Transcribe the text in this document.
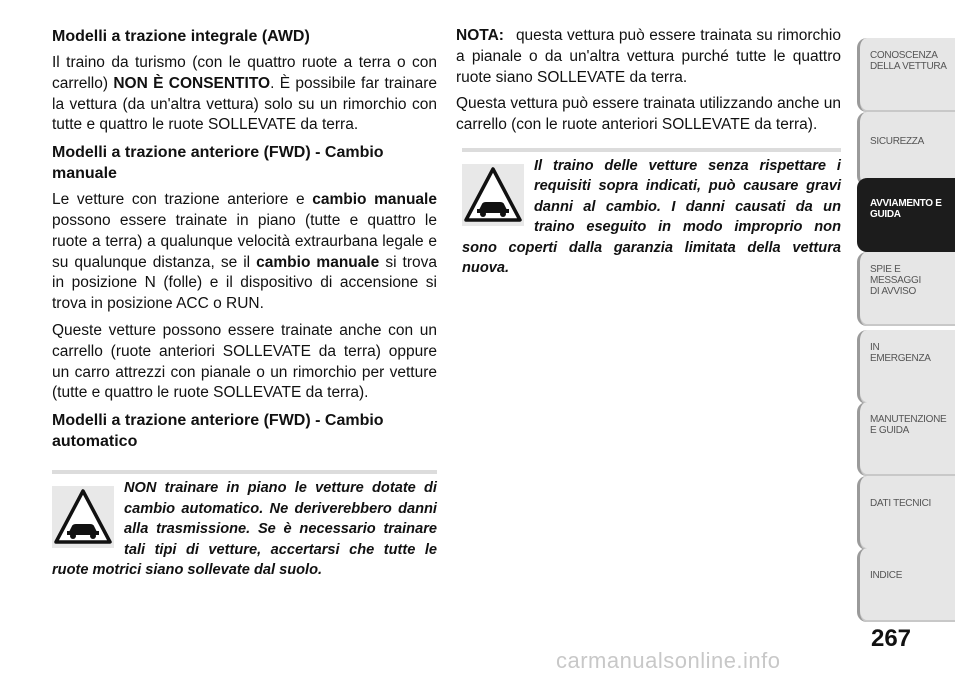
Modelli a trazione integrale (AWD)

Il traino da turismo (con le quattro ruote a terra o con carrello) NON È CONSENTITO. È possibile far trainare la vettura (da un'altra vettura) solo su un rimorchio con tutte e quattro le ruote SOLLEVATE da terra.

Modelli a trazione anteriore (FWD) - Cambio manuale

Le vetture con trazione anteriore e cambio manuale possono essere trainate in piano (tutte e quattro le ruote a terra) a qualunque velocità extraurbana legale e su qualunque distanza, se il cambio manuale si trova in posizione N (folle) e il dispositivo di accensione si trova in posizione ACC o RUN.

Queste vetture possono essere trainate anche con un carrello (ruote anteriori SOLLEVATE da terra) oppure un carro attrezzi con pianale o un rimorchio per vetture (tutte e quattro le ruote SOLLEVATE da terra).

Modelli a trazione anteriore (FWD) - Cambio automatico

NON trainare in piano le vetture dotate di cambio automatico. Ne deriverebbero danni alla trasmissione. Se è necessario trainare tali tipi di vetture, accertarsi che tutte le ruote motrici siano sollevate dal suolo.

NOTA: questa vettura può essere trainata su rimorchio a pianale o da un'altra vettura purché tutte le quattro ruote siano SOLLEVATE da terra.

Questa vettura può essere trainata utilizzando anche un carrello (con le ruote anteriori SOLLEVATE da terra).

Il traino delle vetture senza rispettare i requisiti sopra indicati, può causare gravi danni al cambio. I danni causati da un traino eseguito in modo improprio non sono coperti dalla garanzia limitata della vettura nuova.
CONOSCENZA
DELLA VETTURA
SICUREZZA
AVVIAMENTO E
GUIDA
SPIE E
MESSAGGI
DI AVVISO
IN
EMERGENZA
MANUTENZIONE
E GUIDA
DATI TECNICI
INDICE
267
carmanualsonline.info
